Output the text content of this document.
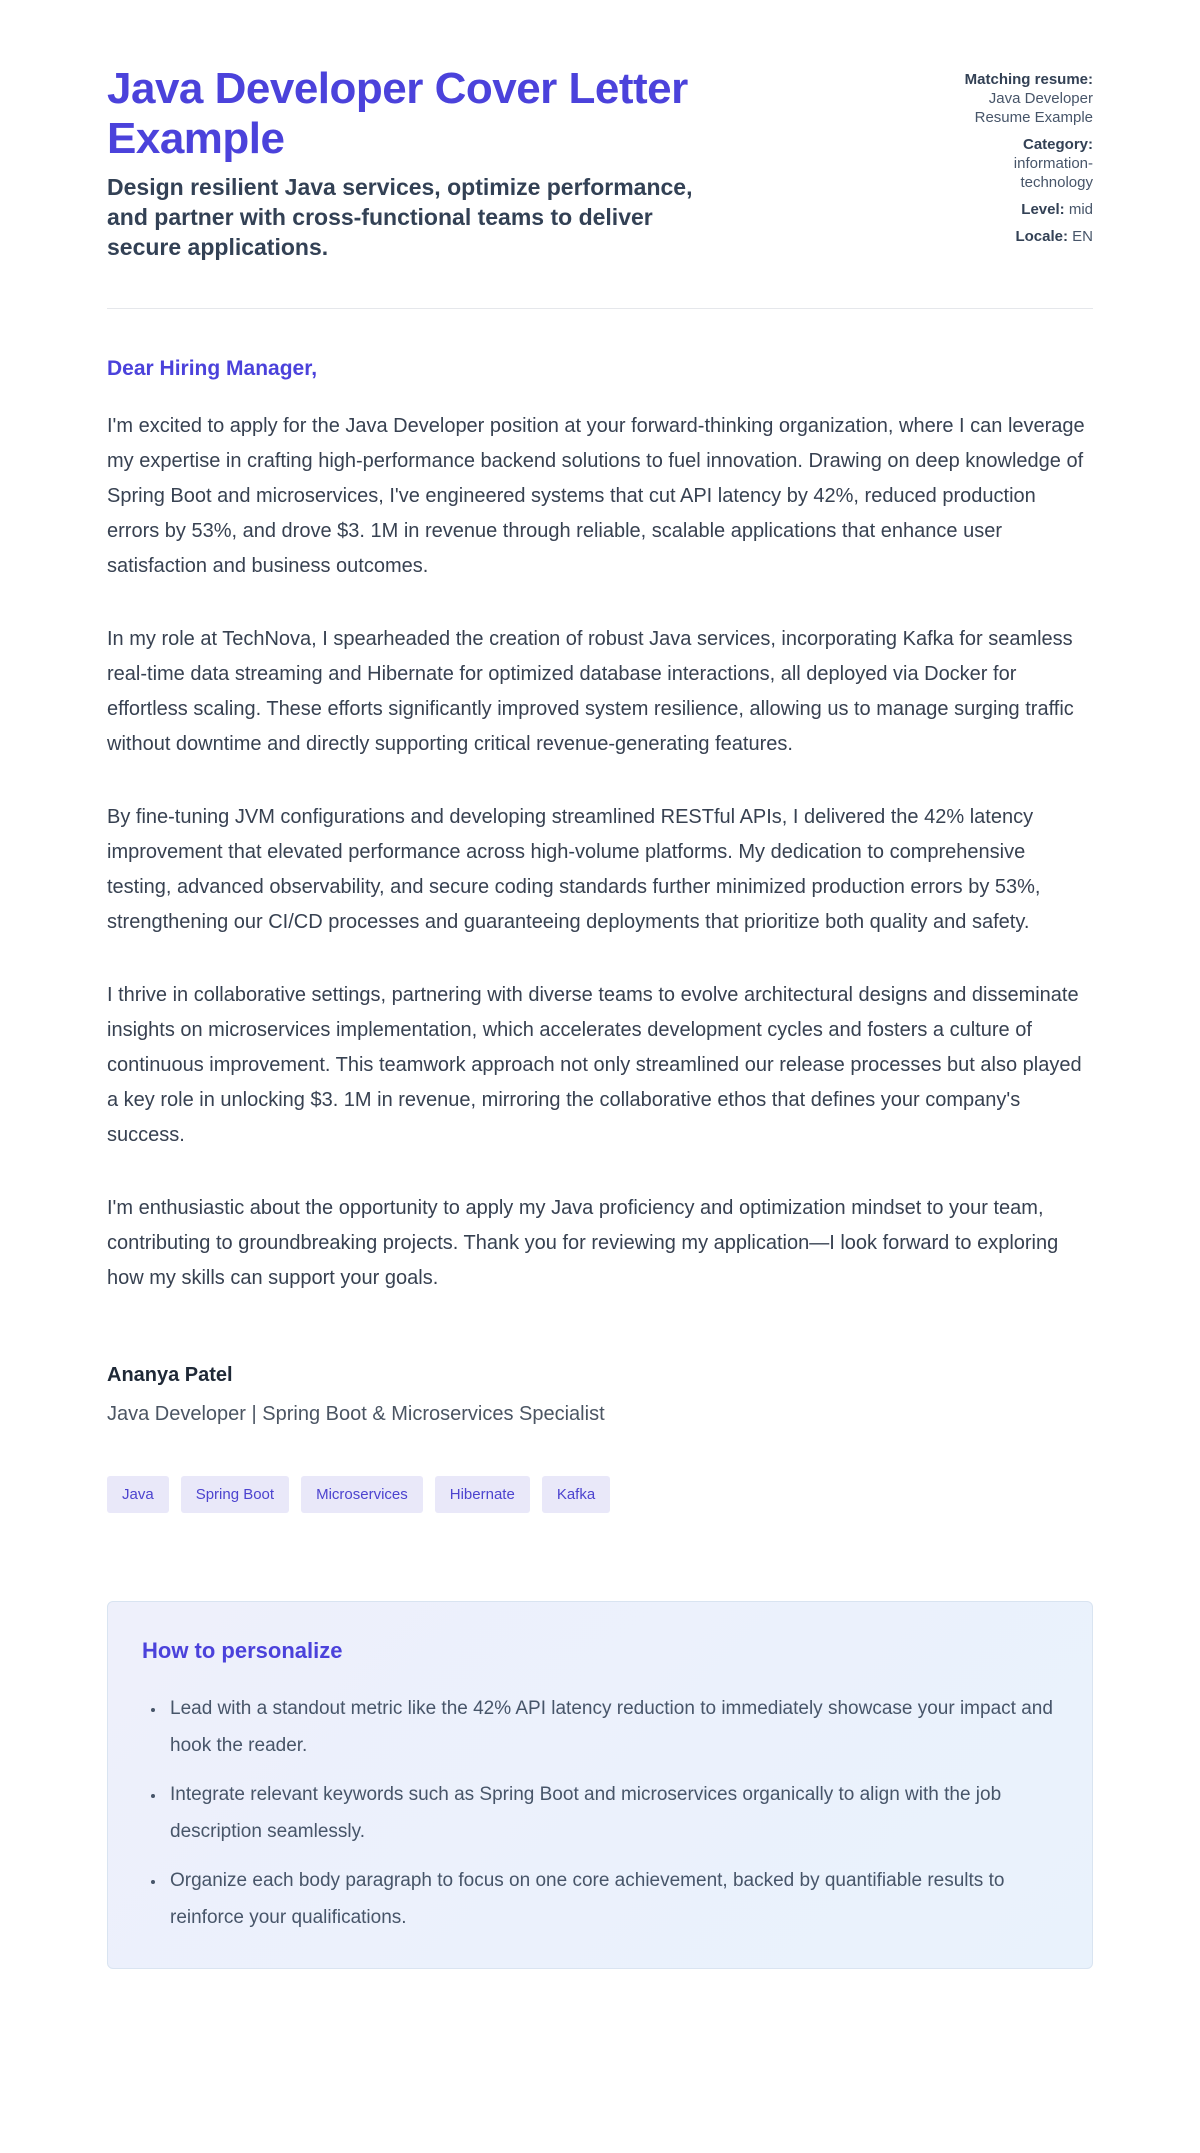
Java Developer Cover Letter Example

Design resilient Java services, optimize performance, and partner with cross-functional teams to deliver secure applications.

Matching resume:
Java Developer Resume Example
Category:
information-technology
Level: mid
Locale: EN

Dear Hiring Manager,

I'm excited to apply for the Java Developer position at your forward-thinking organization, where I can leverage my expertise in crafting high-performance backend solutions to fuel innovation. Drawing on deep knowledge of Spring Boot and microservices, I've engineered systems that cut API latency by 42%, reduced production errors by 53%, and drove $3. 1M in revenue through reliable, scalable applications that enhance user satisfaction and business outcomes.

In my role at TechNova, I spearheaded the creation of robust Java services, incorporating Kafka for seamless real-time data streaming and Hibernate for optimized database interactions, all deployed via Docker for effortless scaling. These efforts significantly improved system resilience, allowing us to manage surging traffic without downtime and directly supporting critical revenue-generating features.

By fine-tuning JVM configurations and developing streamlined RESTful APIs, I delivered the 42% latency improvement that elevated performance across high-volume platforms. My dedication to comprehensive testing, advanced observability, and secure coding standards further minimized production errors by 53%, strengthening our CI/CD processes and guaranteeing deployments that prioritize both quality and safety.

I thrive in collaborative settings, partnering with diverse teams to evolve architectural designs and disseminate insights on microservices implementation, which accelerates development cycles and fosters a culture of continuous improvement. This teamwork approach not only streamlined our release processes but also played a key role in unlocking $3. 1M in revenue, mirroring the collaborative ethos that defines your company's success.

I'm enthusiastic about the opportunity to apply my Java proficiency and optimization mindset to your team, contributing to groundbreaking projects. Thank you for reviewing my application—I look forward to exploring how my skills can support your goals.

Ananya Patel

Java Developer | Spring Boot & Microservices Specialist

Java	Spring Boot	Microservices	Hibernate	Kafka
How to personalize
• Lead with a standout metric like the 42% API latency reduction to immediately showcase your impact and hook the reader.
• Integrate relevant keywords such as Spring Boot and microservices organically to align with the job description seamlessly.
• Organize each body paragraph to focus on one core achievement, backed by quantifiable results to reinforce your qualifications.
